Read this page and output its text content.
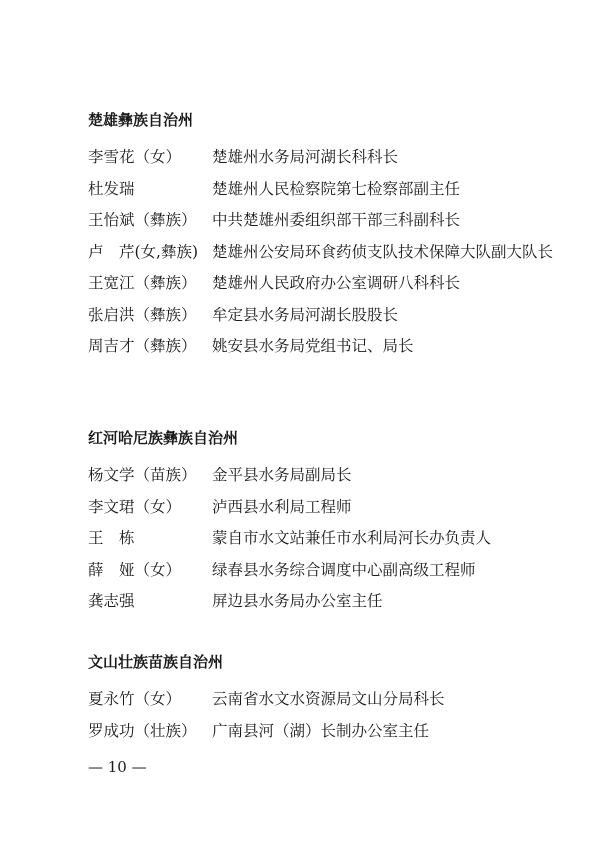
楚雄彝族自治州
李雪花（女）	楚雄州水务局河湖长科科长
杜发瑞	楚雄州人民检察院第七检察部副主任
王怡斌（彝族） 中共楚雄州委组织部干部三科副科长
卢　芹(女,彝族) 楚雄州公安局环食药侦支队技术保障大队副大队长
王宽江（彝族） 楚雄州人民政府办公室调研八科科长
张启洪（彝族） 牟定县水务局河湖长股股长
周吉才（彝族） 姚安县水务局党组书记、局长
红河哈尼族彝族自治州
杨文学（苗族） 金平县水务局副局长
李文珺（女）	泸西县水利局工程师
王　栋	蒙自市水文站兼任市水利局河长办负责人
薛　娅（女）	绿春县水务综合调度中心副高级工程师
龚志强	屏边县水务局办公室主任
文山壮族苗族自治州
夏永竹（女）	云南省水文水资源局文山分局科长
罗成功（壮族） 广南县河（湖）长制办公室主任
— 10 —
